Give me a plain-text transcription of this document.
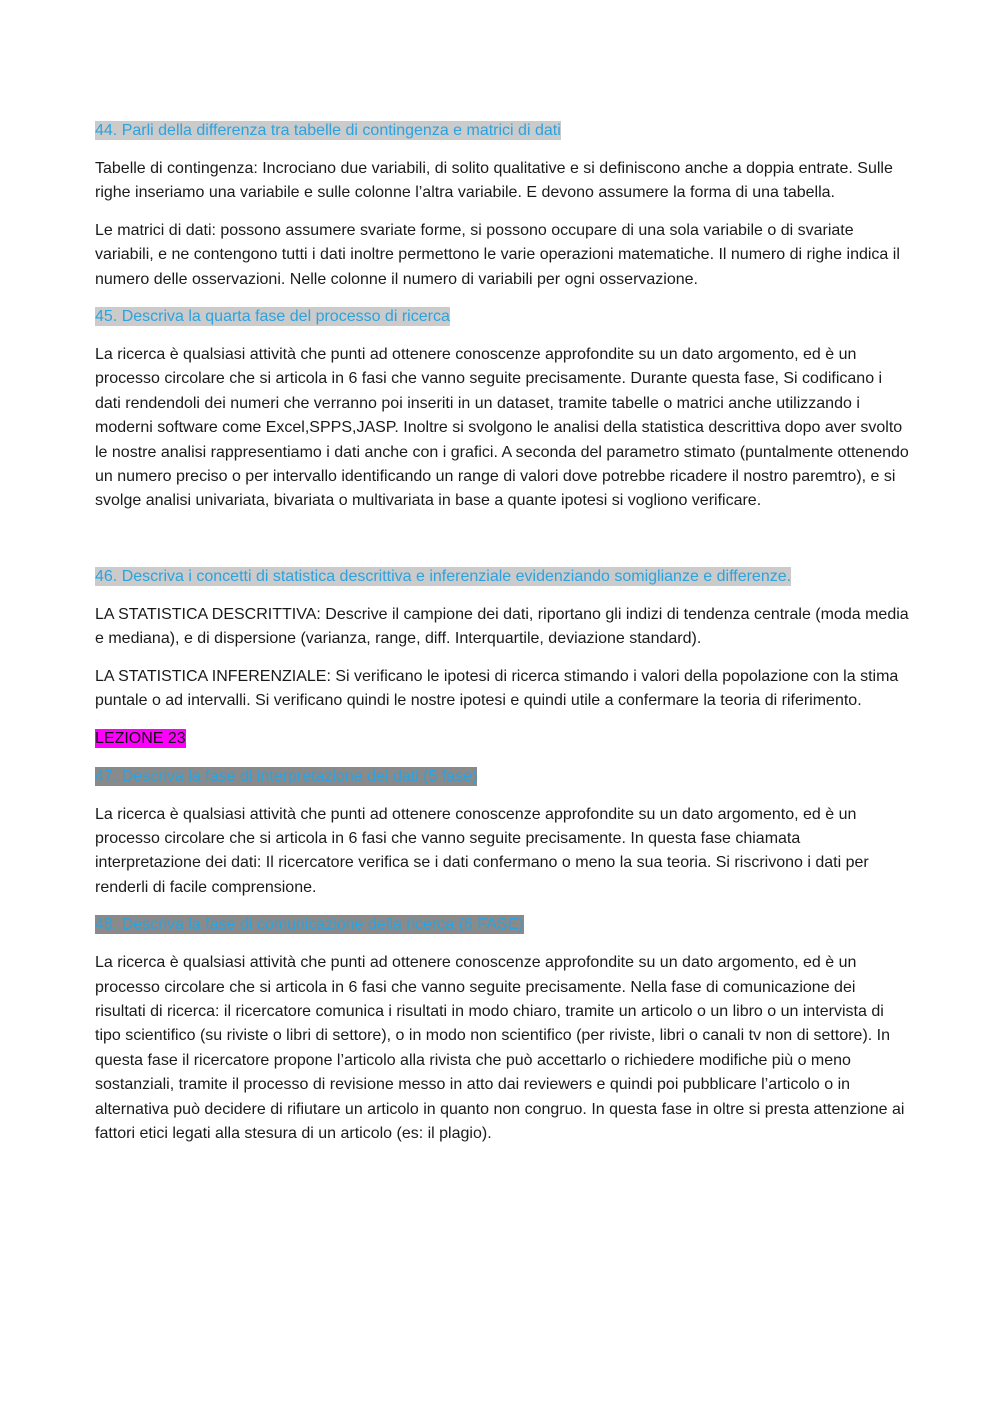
44. Parli della differenza tra tabelle di contingenza e matrici di dati

Tabelle di contingenza: Incrociano due variabili, di solito qualitative e si definiscono anche a doppia entrate. Sulle righe inseriamo una variabile e sulle colonne l’altra variabile. E devono assumere la forma di una tabella.

Le matrici di dati: possono assumere svariate forme, si possono occupare di una sola variabile o di svariate variabili, e ne contengono tutti i dati inoltre permettono le varie operazioni matematiche. Il numero di righe indica il numero delle osservazioni. Nelle colonne il numero di variabili per ogni osservazione.

45. Descriva la quarta fase del processo di ricerca

La ricerca è qualsiasi attività che punti ad ottenere conoscenze approfondite su un dato argomento, ed è un processo circolare che si articola in 6 fasi che vanno seguite precisamente. Durante questa fase, Si codificano i dati rendendoli dei numeri che verranno poi inseriti in un dataset, tramite tabelle o matrici anche utilizzando i moderni software come Excel,SPPS,JASP. Inoltre si svolgono le analisi della statistica descrittiva dopo aver svolto le nostre analisi rappresentiamo i dati anche con i grafici. A seconda del parametro stimato (puntalmente ottenendo un numero preciso o per intervallo identificando un range di valori dove potrebbe ricadere il nostro paremtro), e si svolge analisi univariata, bivariata o multivariata in base a quante ipotesi si vogliono verificare.

46. Descriva i concetti di statistica descrittiva e inferenziale evidenziando somiglianze e differenze.

LA STATISTICA DESCRITTIVA: Descrive il campione dei dati, riportano gli indizi di tendenza centrale (moda media e mediana), e di dispersione (varianza, range, diff. Interquartile, deviazione standard).

LA STATISTICA INFERENZIALE: Si verificano le ipotesi di ricerca stimando i valori della popolazione con la stima puntale o ad intervalli. Si verificano quindi le nostre ipotesi e quindi utile a confermare la teoria di riferimento.

LEZIONE 23
47. Descriva la fase di interpretazione dei dati (5 fase)

La ricerca è qualsiasi attività che punti ad ottenere conoscenze approfondite su un dato argomento, ed è un processo circolare che si articola in 6 fasi che vanno seguite precisamente. In questa fase chiamata interpretazione dei dati: Il ricercatore verifica se i dati confermano o meno la sua teoria. Si riscrivono i dati per renderli di facile comprensione.

48. Descriva la fase di comunicazione della ricerca (6 FASE)

La ricerca è qualsiasi attività che punti ad ottenere conoscenze approfondite su un dato argomento, ed è un processo circolare che si articola in 6 fasi che vanno seguite precisamente. Nella fase di comunicazione dei risultati di ricerca: il ricercatore comunica i risultati in modo chiaro, tramite un articolo o un libro o un intervista di tipo scientifico (su riviste o libri di settore), o in modo non scientifico (per riviste, libri o canali tv non di settore). In questa fase il ricercatore propone l’articolo alla rivista che può accettarlo o richiedere modifiche più o meno sostanziali, tramite il processo di revisione messo in atto dai reviewers e quindi poi pubblicare l’articolo o in alternativa può decidere di rifiutare un articolo in quanto non congruo. In questa fase in oltre si presta attenzione ai fattori etici legati alla stesura di un articolo (es: il plagio).
